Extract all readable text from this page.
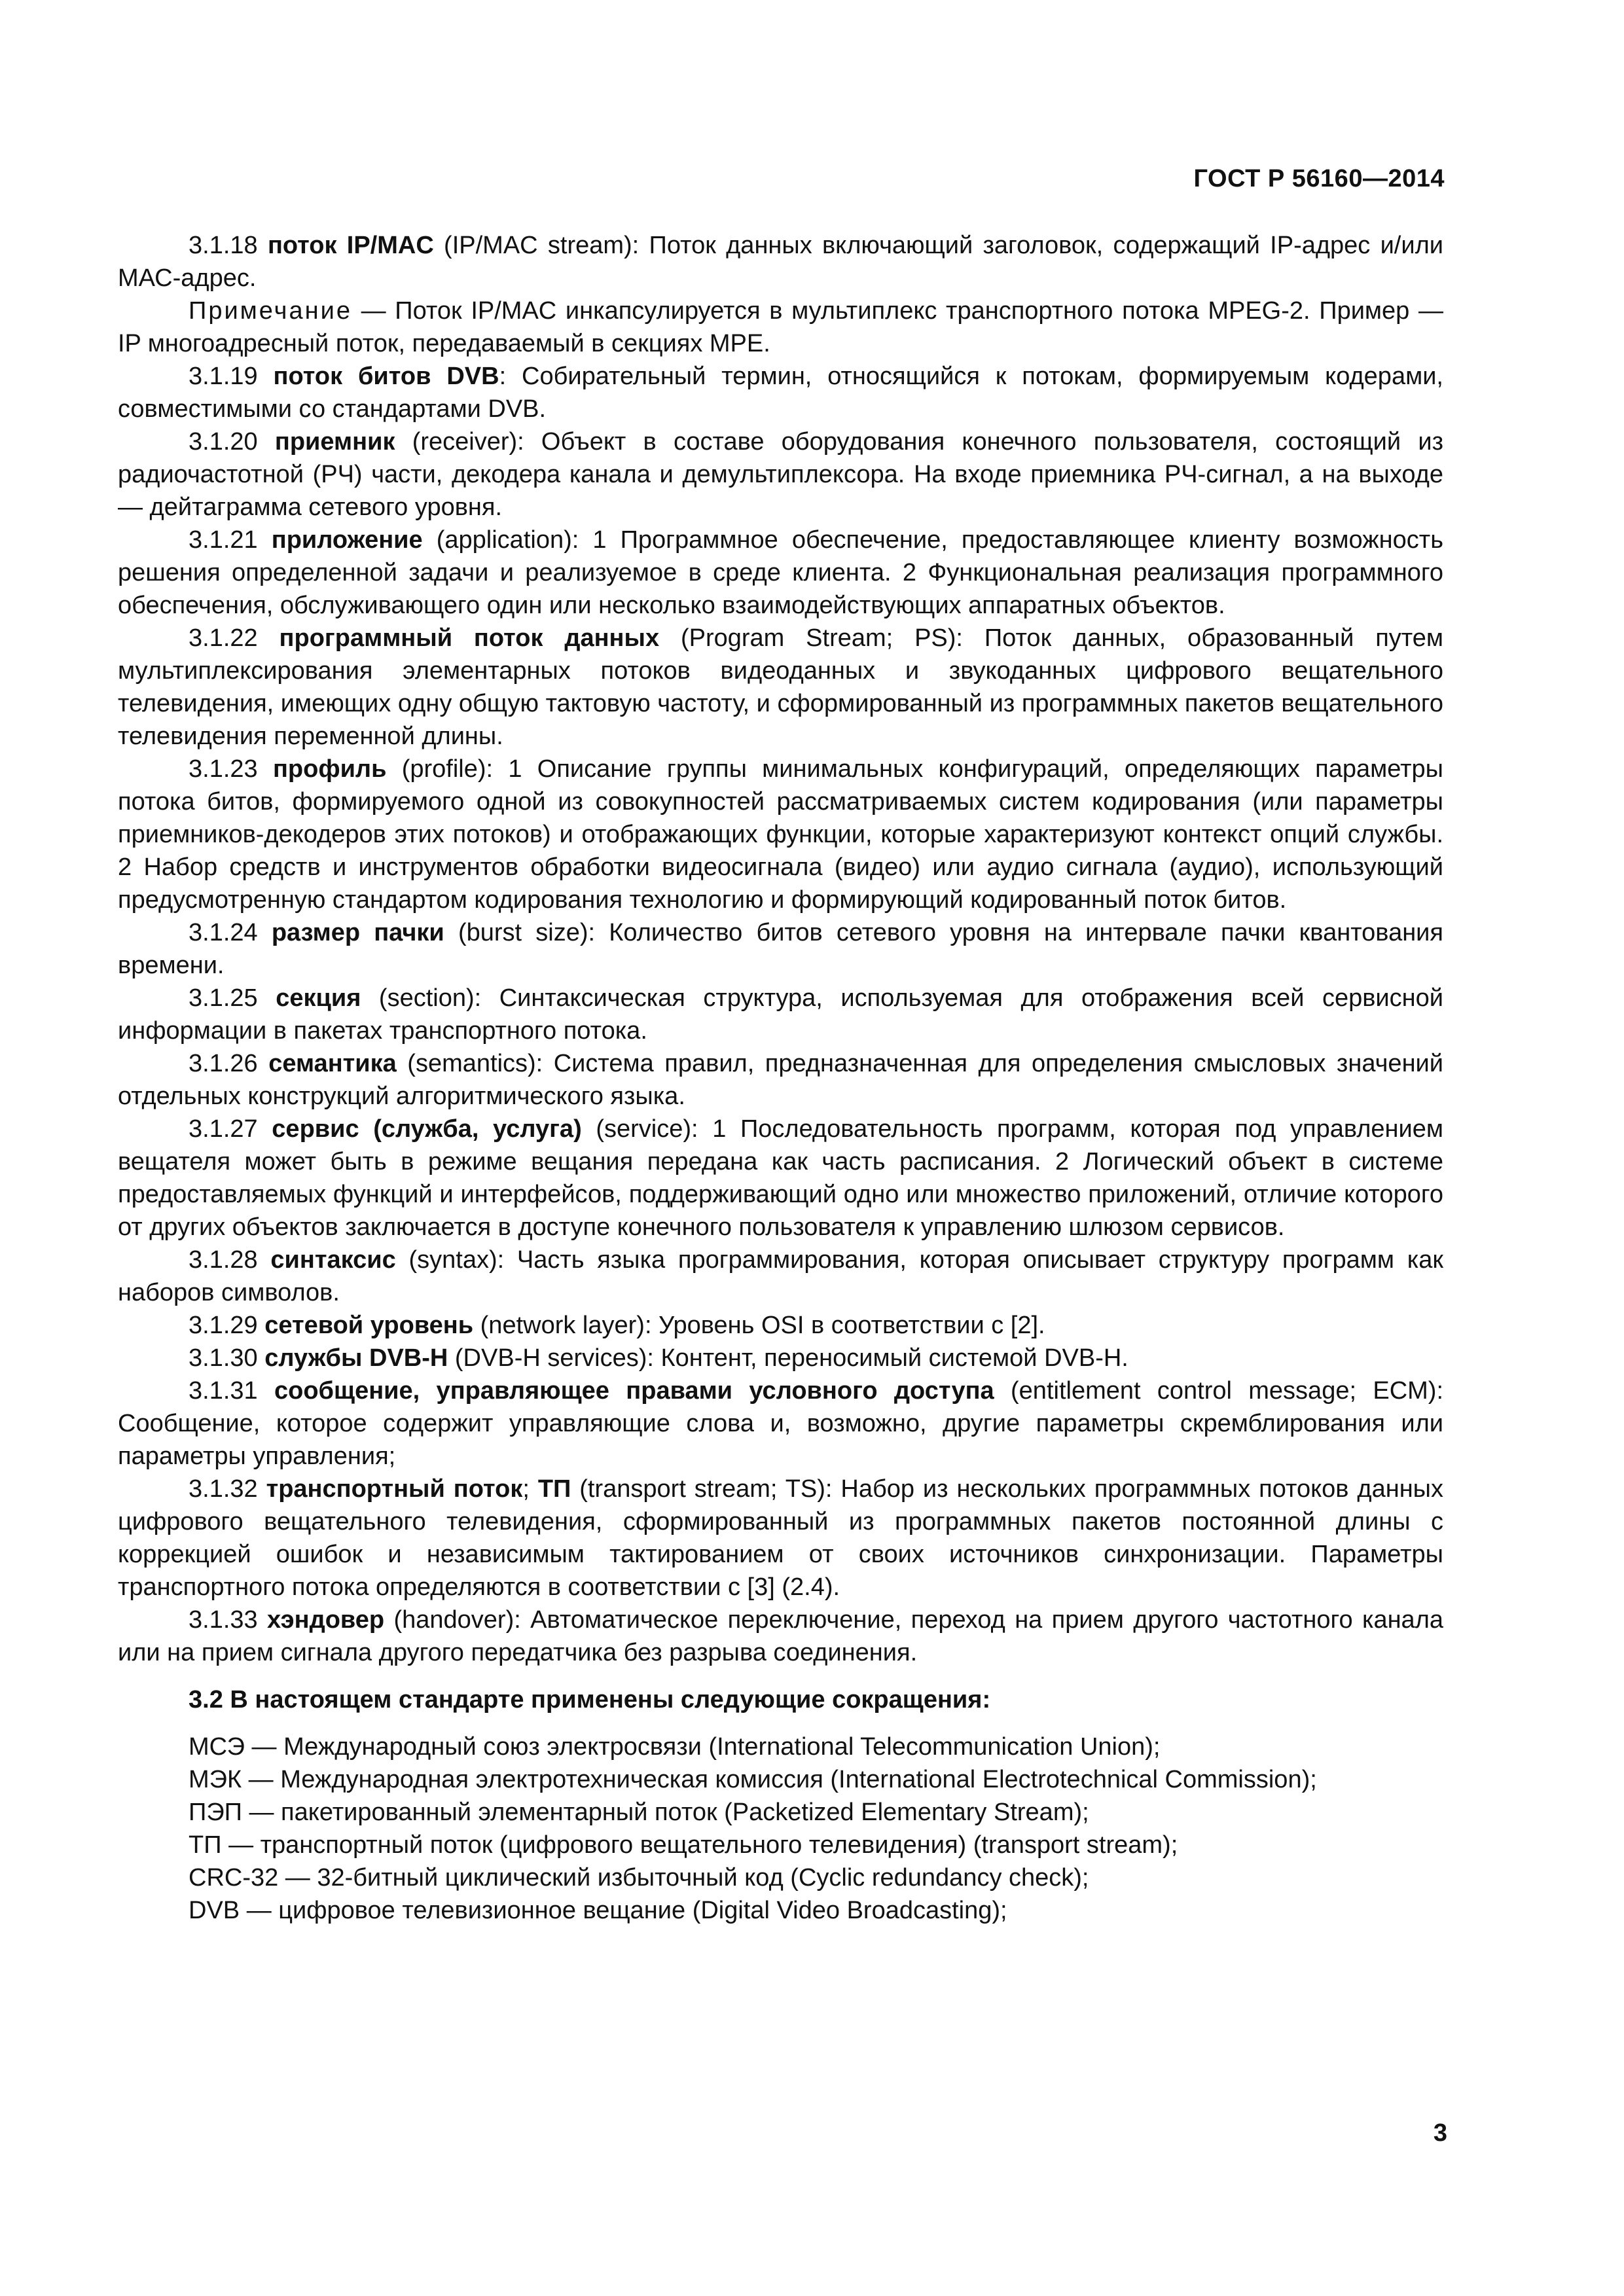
ГОСТ Р 56160—2014

3.1.18 поток IP/MAC (IP/MAC stream): Поток данных включающий заголовок, содержащий IP-адрес и/или МАС-адрес.

Примечание — Поток IP/MAC инкапсулируется в мультиплекс транспортного потока MPEG-2. Пример — IP многоадресный поток, передаваемый в секциях МРЕ.

3.1.19 поток битов DVB: Собирательный термин, относящийся к потокам, формируемым кодерами, совместимыми со стандартами DVB.

3.1.20 приемник (receiver): Объект в составе оборудования конечного пользователя, состоящий из радиочастотной (РЧ) части, декодера канала и демультиплексора. На входе приемника РЧ-сигнал, а на выходе — дейтаграмма сетевого уровня.

3.1.21 приложение (application): 1 Программное обеспечение, предоставляющее клиенту возможность решения определенной задачи и реализуемое в среде клиента. 2 Функциональная реализация программного обеспечения, обслуживающего один или несколько взаимодействующих аппаратных объектов.

3.1.22 программный поток данных (Program Stream; PS): Поток данных, образованный путем мультиплексирования элементарных потоков видеоданных и звукоданных цифрового вещательного телевидения, имеющих одну общую тактовую частоту, и сформированный из программных пакетов вещательного телевидения переменной длины.

3.1.23 профиль (profile): 1 Описание группы минимальных конфигураций, определяющих параметры потока битов, формируемого одной из совокупностей рассматриваемых систем кодирования (или параметры приемников-декодеров этих потоков) и отображающих функции, которые характеризуют контекст опций службы. 2 Набор средств и инструментов обработки видеосигнала (видео) или аудио сигнала (аудио), использующий предусмотренную стандартом кодирования технологию и формирующий кодированный поток битов.

3.1.24 размер пачки (burst size): Количество битов сетевого уровня на интервале пачки квантования времени.

3.1.25 секция (section): Синтаксическая структура, используемая для отображения всей сервисной информации в пакетах транспортного потока.

3.1.26 семантика (semantics): Система правил, предназначенная для определения смысловых значений отдельных конструкций алгоритмического языка.

3.1.27 сервис (служба, услуга) (service): 1 Последовательность программ, которая под управлением вещателя может быть в режиме вещания передана как часть расписания. 2 Логический объект в системе предоставляемых функций и интерфейсов, поддерживающий одно или множество приложений, отличие которого от других объектов заключается в доступе конечного пользователя к управлению шлюзом сервисов.

3.1.28 синтаксис (syntax): Часть языка программирования, которая описывает структуру программ как наборов символов.

3.1.29 сетевой уровень (network layer): Уровень OSI в соответствии с [2].

3.1.30 службы DVB-H (DVB-H services): Контент, переносимый системой DVB-H.

3.1.31 сообщение, управляющее правами условного доступа (entitlement control message; ECM): Сообщение, которое содержит управляющие слова и, возможно, другие параметры скремблирования или параметры управления;

3.1.32 транспортный поток; ТП (transport stream; TS): Набор из нескольких программных потоков данных цифрового вещательного телевидения, сформированный из программных пакетов постоянной длины с коррекцией ошибок и независимым тактированием от своих источников синхронизации. Параметры транспортного потока определяются в соответствии с [3] (2.4).

3.1.33 хэндовер (handover): Автоматическое переключение, переход на прием другого частотного канала или на прием сигнала другого передатчика без разрыва соединения.

3.2 В настоящем стандарте применены следующие сокращения:

МСЭ — Международный союз электросвязи (International Telecommunication Union);

МЭК — Международная электротехническая комиссия (International Electrotechnical Commission);

ПЭП — пакетированный элементарный поток (Packetized Elementary Stream);

ТП — транспортный поток (цифрового вещательного телевидения) (transport stream);

CRC-32 — 32-битный циклический избыточный код (Cyclic redundancy check);

DVB — цифровое телевизионное вещание (Digital Video Broadcasting);

3
